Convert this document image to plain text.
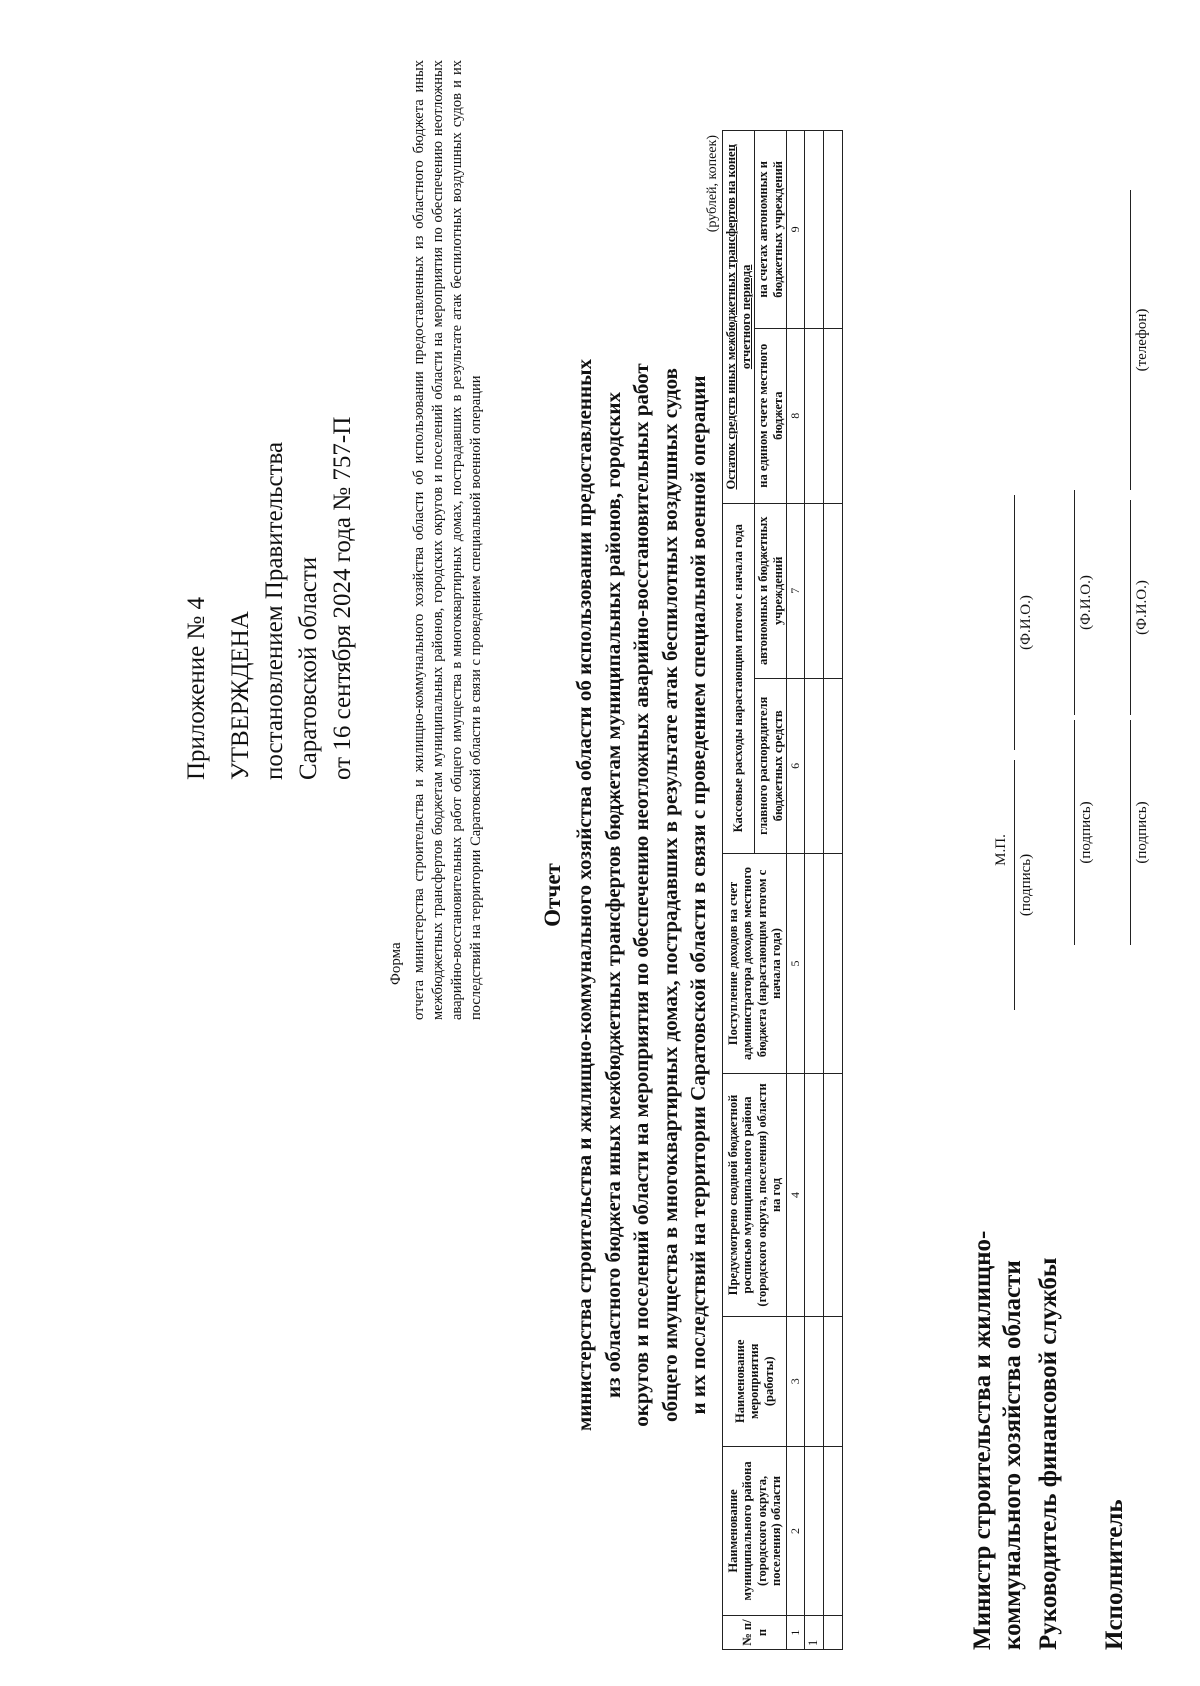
Приложение № 4 УТВЕРЖДЕНА постановлением Правительства Саратовской области от 16 сентября 2024 года № 757-П
Форма отчета министерства строительства и жилищно-коммунального хозяйства области об использовании предоставленных из областного бюджета иных межбюджетных трансфертов бюджетам муниципальных районов, городских округов и поселений области на мероприятия по обеспечению неотложных аварийно-восстановительных работ общего имущества в многоквартирных домах, пострадавших в результате атак беспилотных воздушных судов и их последствий на территории Саратовской области в связи с проведением специальной военной операции Отчет министерства строительства и жилищно-коммунального хозяйства области об использовании предоставленных из областного бюджета иных межбюджетных трансфертов бюджетам муниципальных районов, городских округов и поселений области на мероприятия по обеспечению неотложных аварийно-восстановительных работ общего имущества в многоквартирных домах, пострадавших в результате атак беспилотных воздушных судов и их последствий на территории Саратовской области в связи с проведением специальной военной операции
(рублей, копеек)
№ п/п	Наименование муниципального района (городского округа, поселения) области	Наименование мероприятия (работы)	Предусмотрено сводной бюджетной росписью муниципального района (городского округа, поселения) области на год	Поступление доходов на счет администратора доходов местного бюджета (нарастающим итогом с начала года)	Кассовые расходы нарастающим итогом с начала года		Остаток средств иных межбюджетных трансфертов на конец отчетного периода	
					главного распорядителя бюджетных средств	автономных и бюджетных учреждений	на едином счете местного бюджета	на счетах автономных и бюджетных учреждений
1	2	3	4	5	6	7	8	9
1								
									Министр строительства и жилищно- коммунального хозяйства области
М.П.
(подпись)
(Ф.И.О.)
Руководитель финансовой службы
(подпись)
(Ф.И.О.)
Исполнитель
(подпись)
(Ф.И.О.)
(телефон)
